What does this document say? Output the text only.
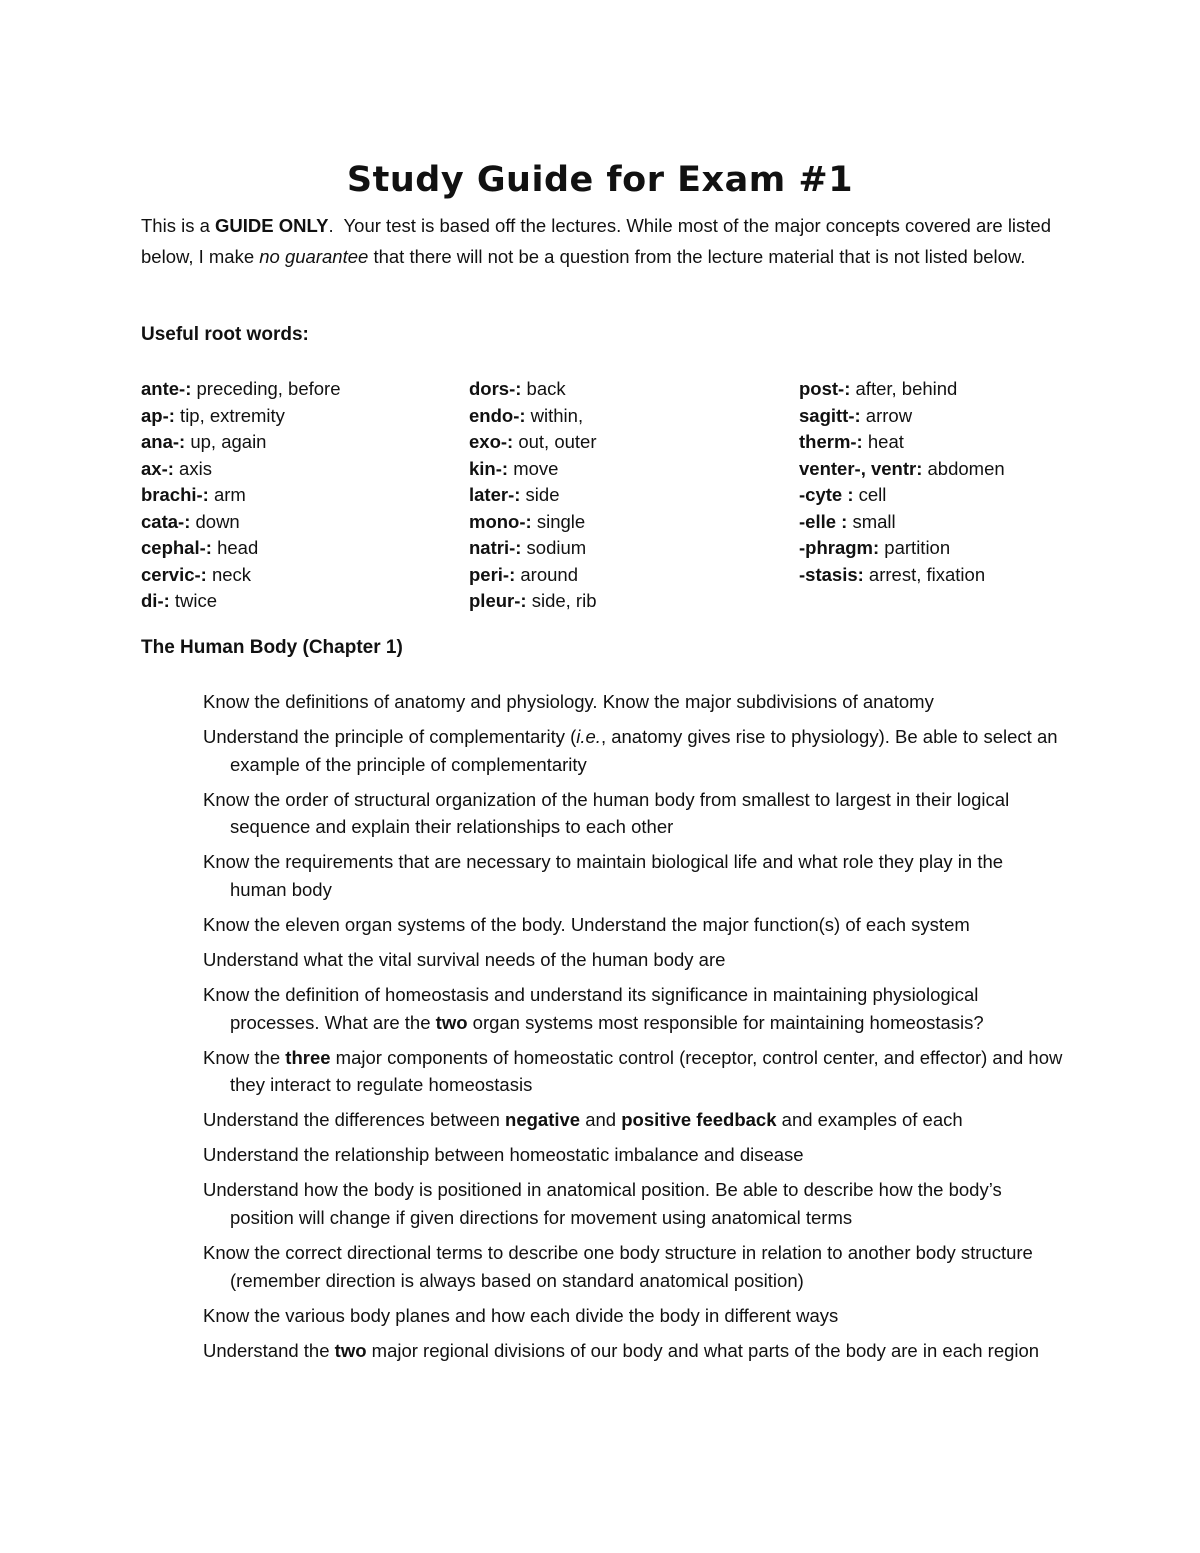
Study Guide for Exam #1
This is a GUIDE ONLY.  Your test is based off the lectures. While most of the major concepts covered are listed below, I make no guarantee that there will not be a question from the lecture material that is not listed below.
Useful root words:
ante-: preceding, before
ap-: tip, extremity
ana-: up, again
ax-: axis
brachi-: arm
cata-: down
cephal-: head
cervic-: neck
di-: twice
dors-: back
endo-: within,
exo-: out, outer
kin-: move
later-: side
mono-: single
natri-: sodium
peri-: around
pleur-: side, rib
post-: after, behind
sagitt-: arrow
therm-: heat
venter-, ventr: abdomen
-cyte : cell
-elle : small
-phragm: partition
-stasis: arrest, fixation
The Human Body (Chapter 1)
Know the definitions of anatomy and physiology. Know the major subdivisions of anatomy
Understand the principle of complementarity (i.e., anatomy gives rise to physiology). Be able to select an example of the principle of complementarity
Know the order of structural organization of the human body from smallest to largest in their logical sequence and explain their relationships to each other
Know the requirements that are necessary to maintain biological life and what role they play in the human body
Know the eleven organ systems of the body. Understand the major function(s) of each system
Understand what the vital survival needs of the human body are
Know the definition of homeostasis and understand its significance in maintaining physiological processes. What are the two organ systems most responsible for maintaining homeostasis?
Know the three major components of homeostatic control (receptor, control center, and effector) and how they interact to regulate homeostasis
Understand the differences between negative and positive feedback and examples of each
Understand the relationship between homeostatic imbalance and disease
Understand how the body is positioned in anatomical position. Be able to describe how the body’s position will change if given directions for movement using anatomical terms
Know the correct directional terms to describe one body structure in relation to another body structure (remember direction is always based on standard anatomical position)
Know the various body planes and how each divide the body in different ways
Understand the two major regional divisions of our body and what parts of the body are in each region
